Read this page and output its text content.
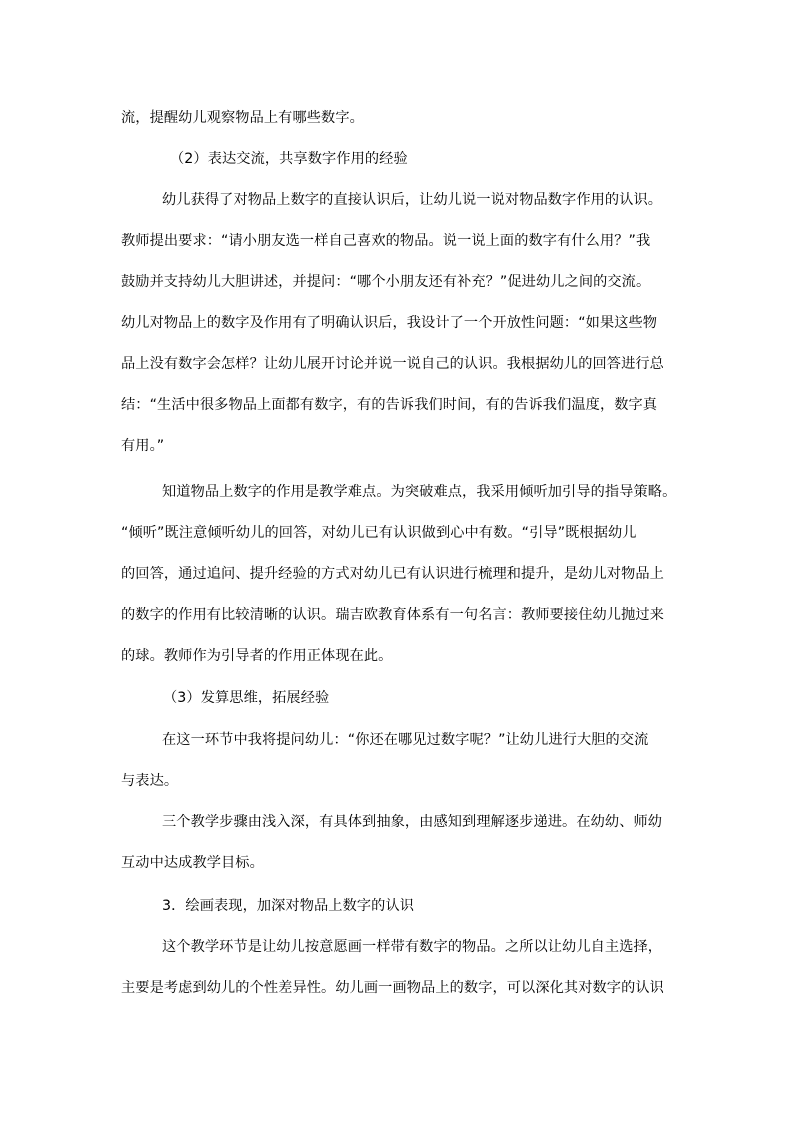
流，提醒幼儿观察物品上有哪些数字。
（2）表达交流，共享数字作用的经验
幼儿获得了对物品上数字的直接认识后，让幼儿说一说对物品数字作用的认识。
教师提出要求：“请小朋友选一样自己喜欢的物品。说一说上面的数字有什么用？”我
鼓励并支持幼儿大胆讲述，并提问：“哪个小朋友还有补充？”促进幼儿之间的交流。
幼儿对物品上的数字及作用有了明确认识后，我设计了一个开放性问题：“如果这些物
品上没有数字会怎样？让幼儿展开讨论并说一说自己的认识。我根据幼儿的回答进行总
结：“生活中很多物品上面都有数字，有的告诉我们时间，有的告诉我们温度，数字真
有用。”
知道物品上数字的作用是教学难点。为突破难点，我采用倾听加引导的指导策略。
“倾听”既注意倾听幼儿的回答，对幼儿已有认识做到心中有数。“引导”既根据幼儿
的回答，通过追问、提升经验的方式对幼儿已有认识进行梳理和提升，是幼儿对物品上
的数字的作用有比较清晰的认识。瑞吉欧教育体系有一句名言：教师要接住幼儿抛过来
的球。教师作为引导者的作用正体现在此。
（3）发算思维，拓展经验
在这一环节中我将提问幼儿：“你还在哪见过数字呢？”让幼儿进行大胆的交流
与表达。
三个教学步骤由浅入深，有具体到抽象，由感知到理解逐步递进。在幼幼、师幼
互动中达成教学目标。
3．绘画表现，加深对物品上数字的认识
这个教学环节是让幼儿按意愿画一样带有数字的物品。之所以让幼儿自主选择，
主要是考虑到幼儿的个性差异性。幼儿画一画物品上的数字，可以深化其对数字的认识
